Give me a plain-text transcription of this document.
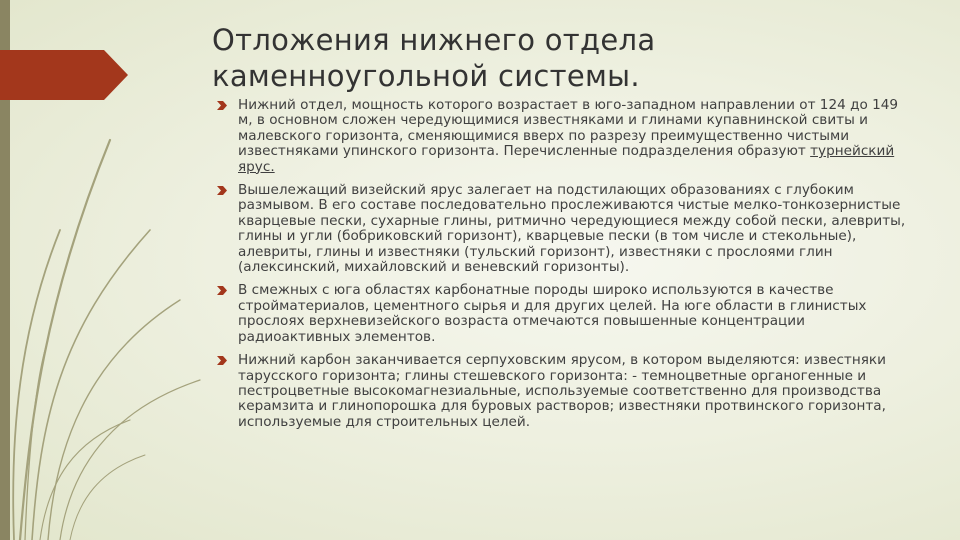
Отложения нижнего отдела
каменноугольной системы.
Нижний отдел, мощность которого возрастает в юго-западном направлении от 124 до 149 м, в основном сложен чередующимися известняками и глинами купавнинской свиты и малевского горизонта, сменяющимися вверх по разрезу преимущественно чистыми известняками упинского горизонта. Перечисленные подразделения образуют турнейский ярус.
Вышележащий визейский ярус залегает на подстилающих образованиях с глубоким размывом. В его составе последовательно прослеживаются чистые мелко-тонкозернистые кварцевые пески, сухарные глины, ритмично чередующиеся между собой пески, алевриты, глины и угли (бобриковский горизонт), кварцевые пески (в том числе и стекольные), алевриты, глины и известняки (тульский горизонт), известняки с прослоями глин (алексинский, михайловский и веневский горизонты).
В смежных с юга областях карбонатные породы широко используются в качестве стройматериалов, цементного сырья и для других целей. На юге области в глинистых прослоях верхневизейского возраста отмечаются повышенные концентрации радиоактивных элементов.
Нижний карбон заканчивается серпуховским ярусом, в котором выделяются: известняки тарусского горизонта; глины стешевского горизонта: - темноцветные органогенные и пестроцветные высокомагнезиальные, используемые соответственно для производства керамзита и глинопорошка для буровых растворов; известняки протвинского горизонта, используемые для строительных целей.
